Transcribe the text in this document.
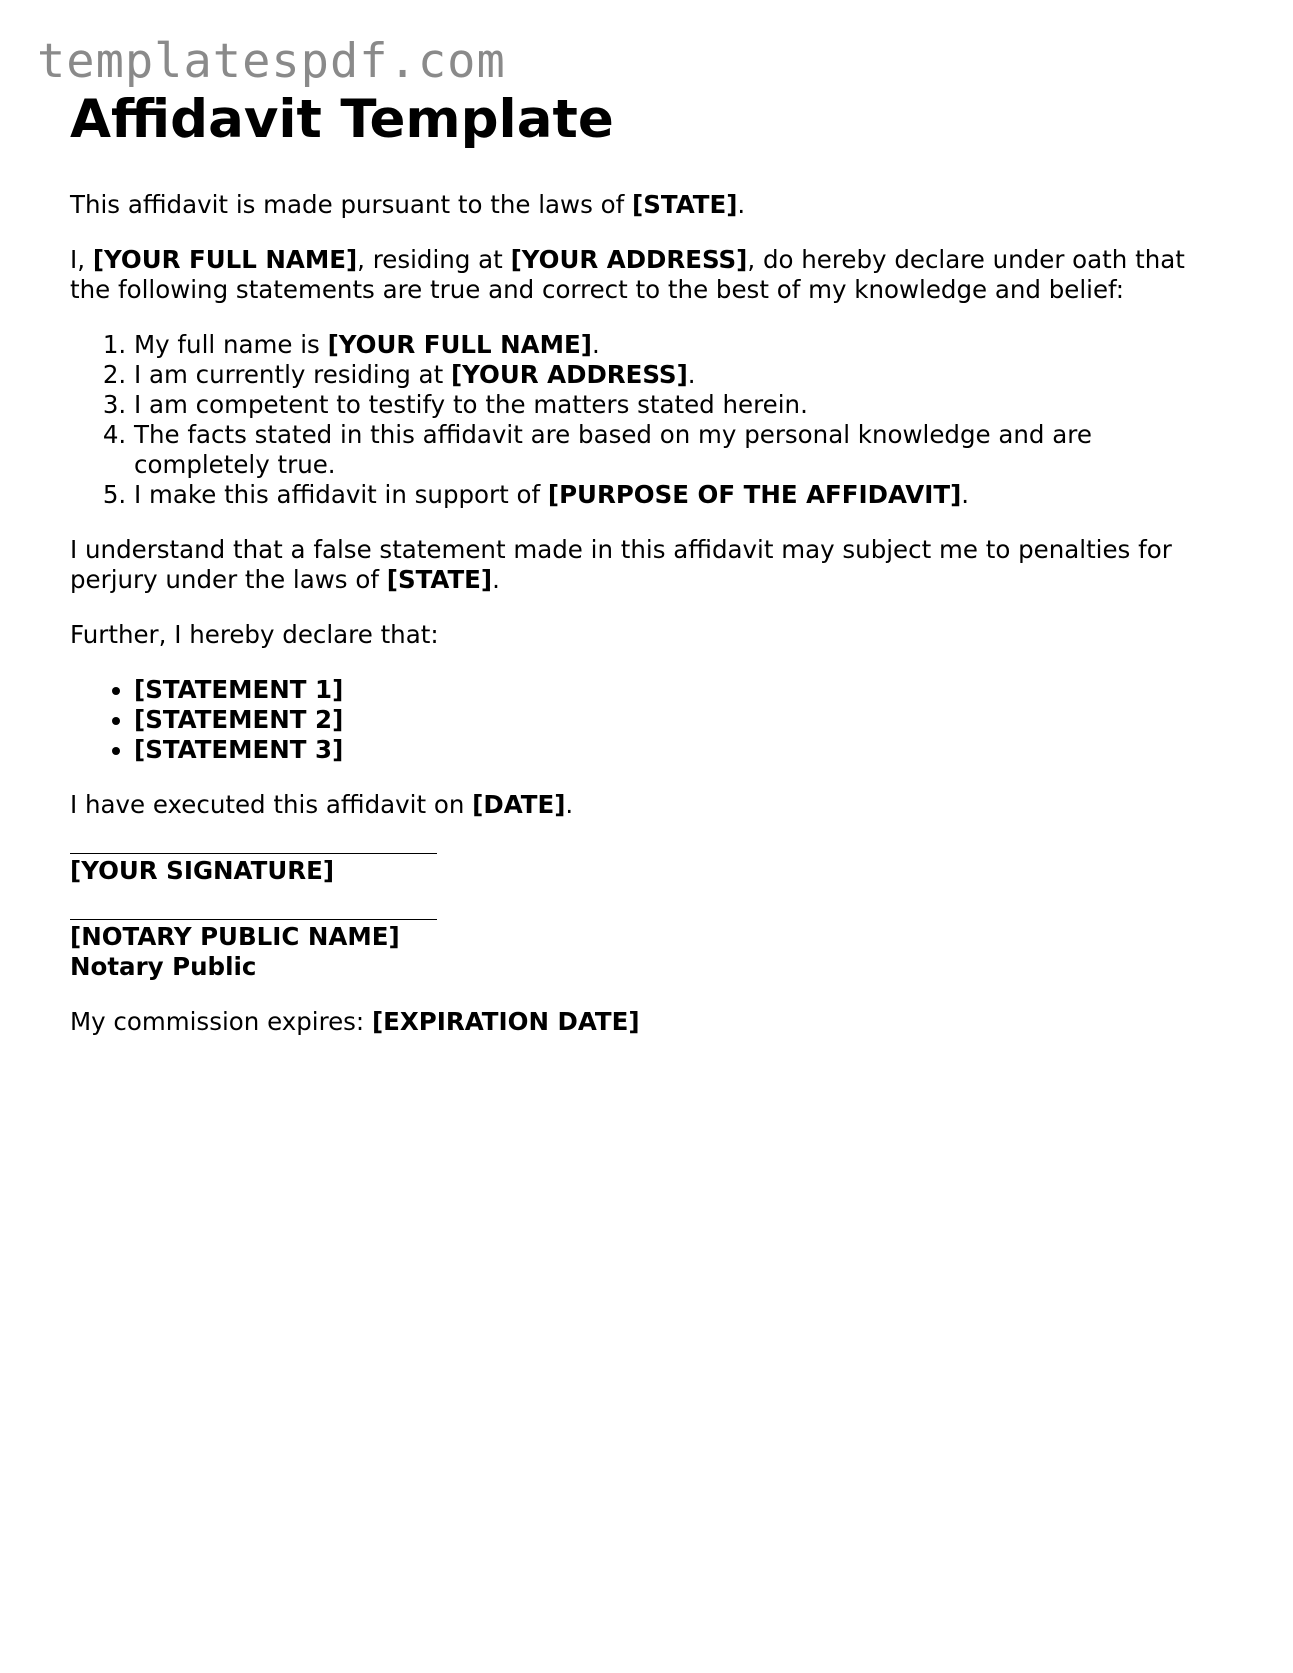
templatespdf.com
Affidavit Template

This affidavit is made pursuant to the laws of [STATE].

I, [YOUR FULL NAME], residing at [YOUR ADDRESS], do hereby declare under oath that the following statements are true and correct to the best of my knowledge and belief:

1. My full name is [YOUR FULL NAME].
2. I am currently residing at [YOUR ADDRESS].
3. I am competent to testify to the matters stated herein.
4. The facts stated in this affidavit are based on my personal knowledge and are completely true.
5. I make this affidavit in support of [PURPOSE OF THE AFFIDAVIT].

I understand that a false statement made in this affidavit may subject me to penalties for perjury under the laws of [STATE].

Further, I hereby declare that:

• [STATEMENT 1]
• [STATEMENT 2]
• [STATEMENT 3]

I have executed this affidavit on [DATE].

[YOUR SIGNATURE]
[NOTARY PUBLIC NAME]
Notary Public

My commission expires: [EXPIRATION DATE]
